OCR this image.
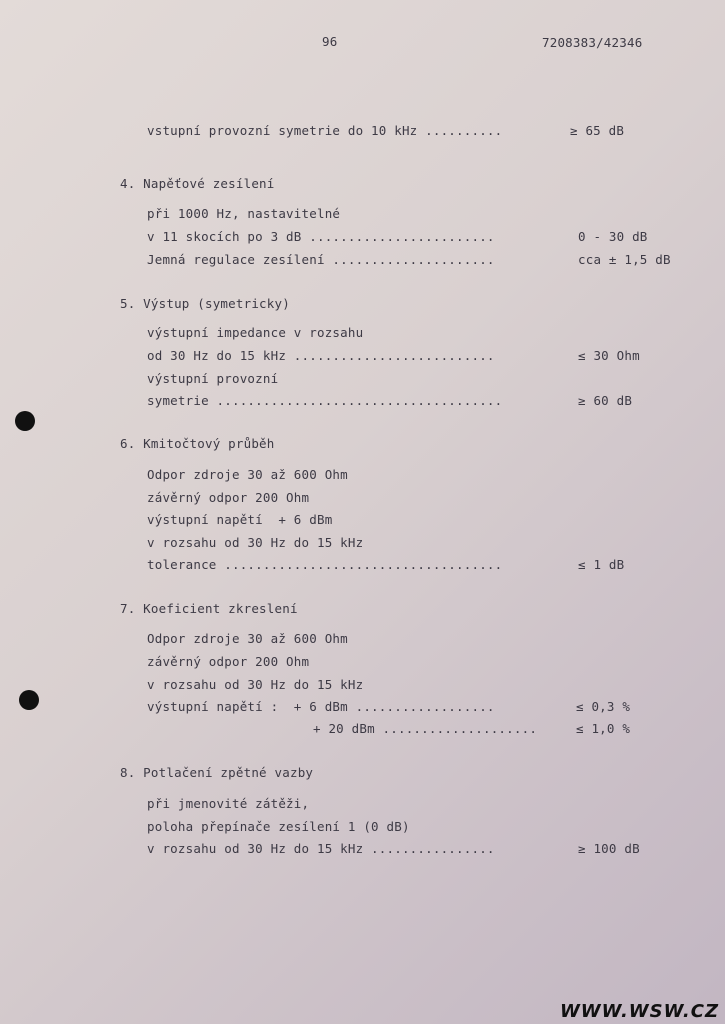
96	7208383/42346
vstupní provozní symetrie do 10 kHz ..........	≥ 65 dB
4. Napěťové zesílení
při 1000 Hz, nastavitelné
v 11 skocích po 3 dB ........................	0 - 30 dB
Jemná regulace zesílení .....................	cca ± 1,5 dB
5. Výstup (symetricky)
výstupní impedance v rozsahu
od 30 Hz do 15 kHz ..........................	≤ 30 Ohm
výstupní provozní
symetrie .....................................	≥ 60 dB
6. Kmitočtový průběh
Odpor zdroje 30 až 600 Ohm
závěrný odpor 200 Ohm
výstupní napětí  + 6 dBm
v rozsahu od 30 Hz do 15 kHz
tolerance ....................................	≤ 1 dB
7. Koeficient zkreslení
Odpor zdroje 30 až 600 Ohm
závěrný odpor 200 Ohm
v rozsahu od 30 Hz do 15 kHz
výstupní napětí :  + 6 dBm ..................	≤ 0,3 %
+ 20 dBm ....................	≤ 1,0 %
8. Potlačení zpětné vazby
při jmenovité zátěži,
poloha přepínače zesílení 1 (0 dB)
v rozsahu od 30 Hz do 15 kHz ................	≥ 100 dB
WWW.WSW.CZ
